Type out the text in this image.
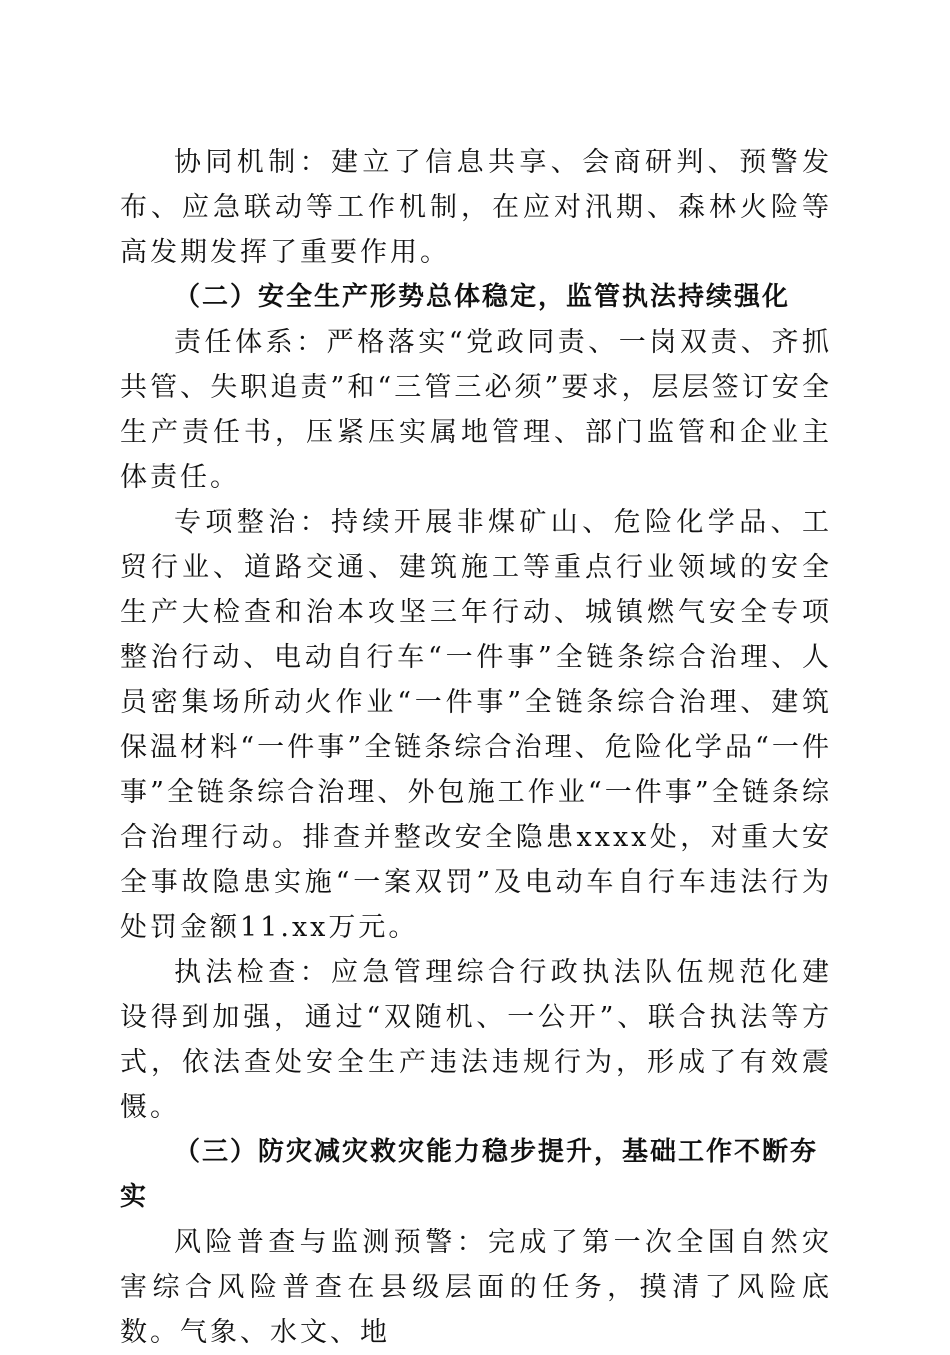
协同机制：建立了信息共享、会商研判、预警发布、应急联动等工作机制，在应对汛期、森林火险等高发期发挥了重要作用。

（二）安全生产形势总体稳定，监管执法持续强化

责任体系：严格落实“党政同责、一岗双责、齐抓共管、失职追责”和“三管三必须”要求，层层签订安全生产责任书，压紧压实属地管理、部门监管和企业主体责任。

专项整治：持续开展非煤矿山、危险化学品、工贸行业、道路交通、建筑施工等重点行业领域的安全生产大检查和治本攻坚三年行动、城镇燃气安全专项整治行动、电动自行车“一件事”全链条综合治理、人员密集场所动火作业“一件事”全链条综合治理、建筑保温材料“一件事”全链条综合治理、危险化学品“一件事”全链条综合治理、外包施工作业“一件事”全链条综合治理行动。排查并整改安全隐患xxxx处，对重大安全事故隐患实施“一案双罚”及电动车自行车违法行为处罚金额11.xx万元。

执法检查：应急管理综合行政执法队伍规范化建设得到加强，通过“双随机、一公开”、联合执法等方式，依法查处安全生产违法违规行为，形成了有效震慑。

（三）防灾减灾救灾能力稳步提升，基础工作不断夯实

风险普查与监测预警：完成了第一次全国自然灾害综合风险普查在县级层面的任务，摸清了风险底数。气象、水文、地
